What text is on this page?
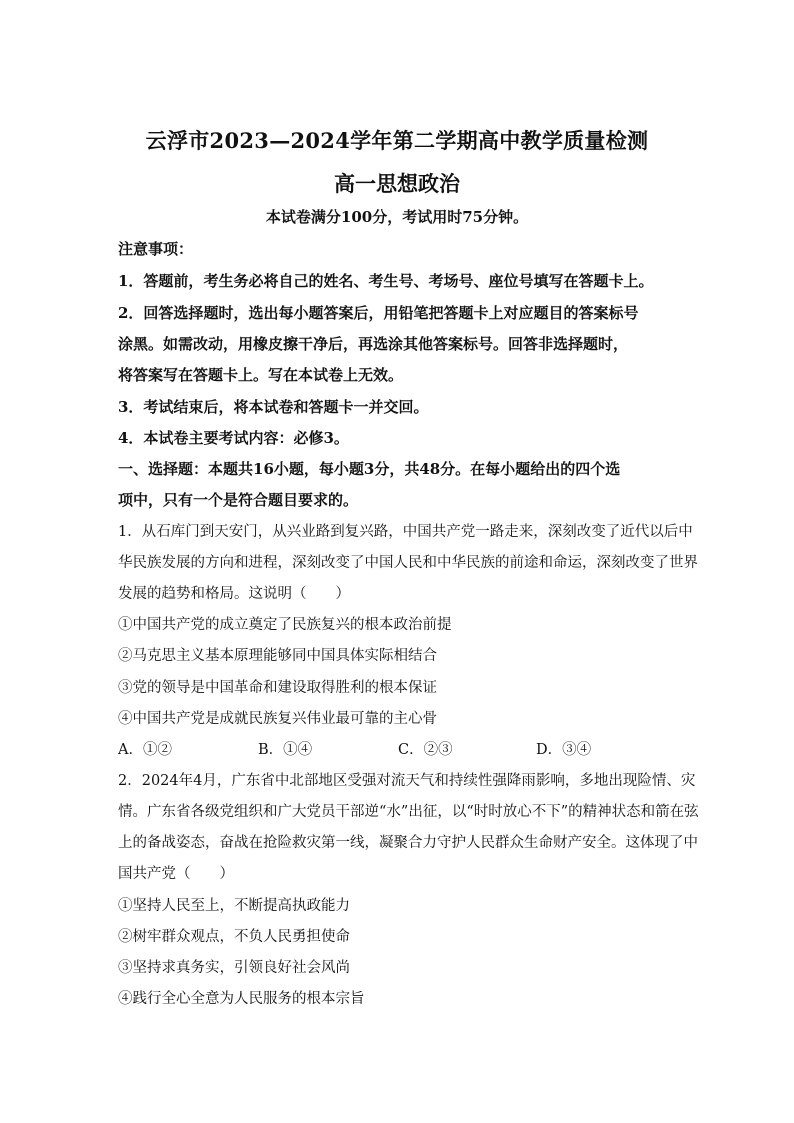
云浮市2023—2024学年第二学期高中教学质量检测
高一思想政治
本试卷满分100分，考试用时75分钟。
注意事项：
1．答题前，考生务必将自己的姓名、考生号、考场号、座位号填写在答题卡上。
2．回答选择题时，选出每小题答案后，用铅笔把答题卡上对应题目的答案标号
涂黑。如需改动，用橡皮擦干净后，再选涂其他答案标号。回答非选择题时，
将答案写在答题卡上。写在本试卷上无效。
3．考试结束后，将本试卷和答题卡一并交回。
4．本试卷主要考试内容：必修3。
一、选择题：本题共16小题，每小题3分，共48分。在每小题给出的四个选
项中，只有一个是符合题目要求的。
1．从石库门到天安门，从兴业路到复兴路，中国共产党一路走来，深刻改变了近代以后中
华民族发展的方向和进程，深刻改变了中国人民和中华民族的前途和命运，深刻改变了世界
发展的趋势和格局。这说明（　　）
①中国共产党的成立奠定了民族复兴的根本政治前提
②马克思主义基本原理能够同中国具体实际相结合
③党的领导是中国革命和建设取得胜利的根本保证
④中国共产党是成就民族复兴伟业最可靠的主心骨
A．①②	B．①④	C．②③	D．③④
2．2024年4月，广东省中北部地区受强对流天气和持续性强降雨影响，多地出现险情、灾
情。广东省各级党组织和广大党员干部逆“水”出征，以“时时放心不下”的精神状态和箭在弦
上的备战姿态，奋战在抢险救灾第一线，凝聚合力守护人民群众生命财产安全。这体现了中
国共产党（　　）
①坚持人民至上，不断提高执政能力
②树牢群众观点，不负人民勇担使命
③坚持求真务实，引领良好社会风尚
④践行全心全意为人民服务的根本宗旨
